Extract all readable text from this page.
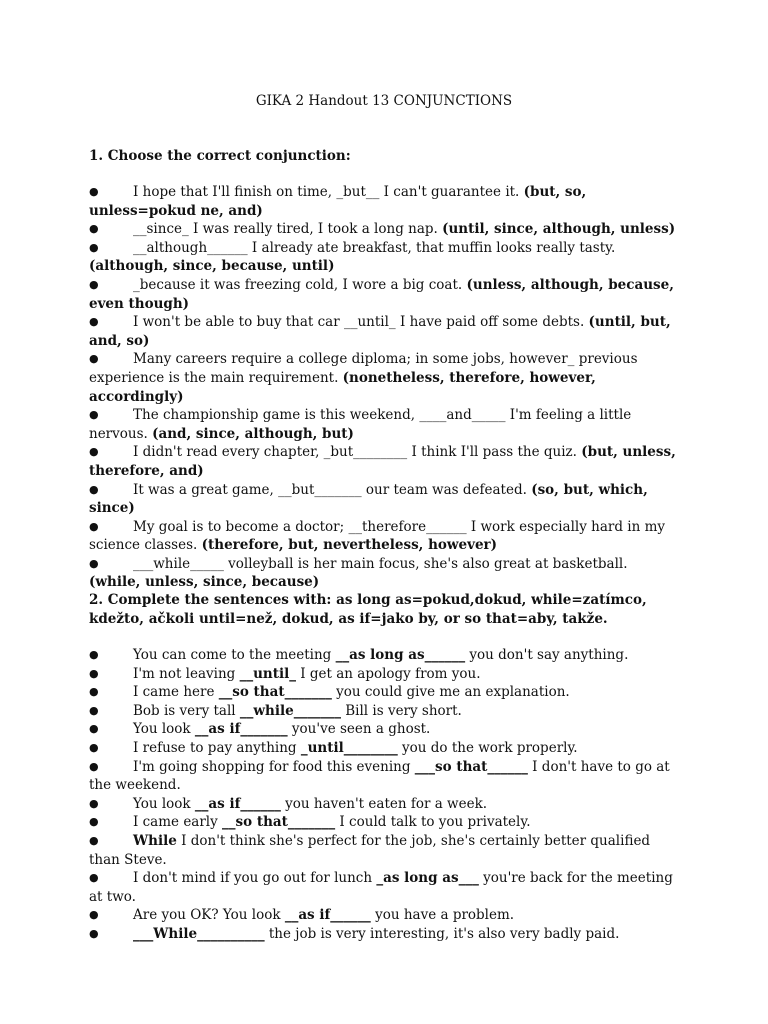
GIKA 2 Handout 13 CONJUNCTIONS
1. Choose the correct conjunction:

●	I hope that I'll finish on time, _but__ I can't guarantee it. (but, so, unless=pokud ne, and)

●	__since_ I was really tired, I took a long nap. (until, since, although, unless)

●	__although______ I already ate breakfast, that muffin looks really tasty. (although, since, because, until)

●	_because it was freezing cold, I wore a big coat. (unless, although, because, even though)

●	I won't be able to buy that car __until_ I have paid off some debts. (until, but, and, so)

●	Many careers require a college diploma; in some jobs, however_ previous experience is the main requirement. (nonetheless, therefore, however, accordingly)

●	The championship game is this weekend, ____and_____ I'm feeling a little nervous. (and, since, although, but)

●	I didn't read every chapter, _but________ I think I'll pass the quiz. (but, unless, therefore, and)

●	It was a great game, __but_______ our team was defeated. (so, but, which, since)

●	My goal is to become a doctor; __therefore______ I work especially hard in my science classes. (therefore, but, nevertheless, however)

●	___while_____ volleyball is her main focus, she's also great at basketball. (while, unless, since, because)

2. Complete the sentences with: as long as=pokud,dokud, while=zatímco, kdežto, ačkoli until=než, dokud, as if=jako by, or so that=aby, takže.

●	You can come to the meeting __as long as______ you don't say anything.

●	I'm not leaving __until_ I get an apology from you.

●	I came here __so that_______ you could give me an explanation.

●	Bob is very tall __while_______ Bill is very short.

●	You look __as if_______ you've seen a ghost.

●	I refuse to pay anything _until________ you do the work properly.

●	I'm going shopping for food this evening ___so that______ I don't have to go at the weekend.

●	You look __as if______ you haven't eaten for a week.

●	I came early __so that_______ I could talk to you privately.

●	While I don't think she's perfect for the job, she's certainly better qualified than Steve.

●	I don't mind if you go out for lunch _as long as___ you're back for the meeting at two.

●	Are you OK? You look __as if______ you have a problem.

●	___While__________ the job is very interesting, it's also very badly paid.
